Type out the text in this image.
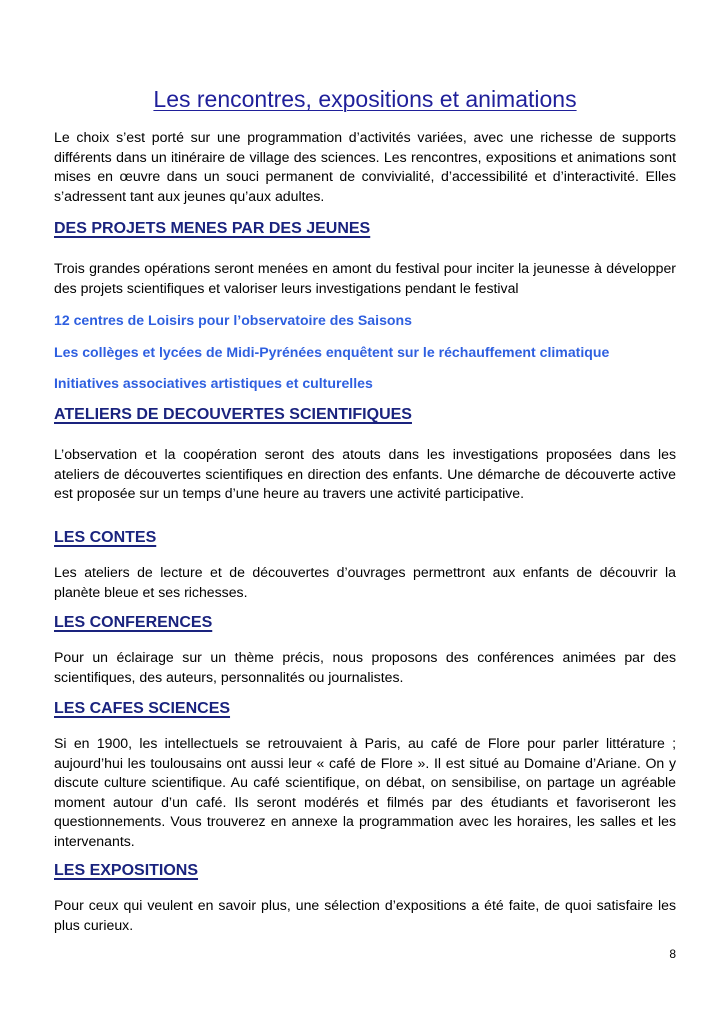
Les rencontres, expositions et animations

Le choix s’est porté sur une programmation d’activités variées, avec une richesse de supports différents dans un itinéraire de village des sciences. Les rencontres, expositions et animations sont mises en œuvre dans un souci permanent de convivialité, d’accessibilité et d’interactivité. Elles s’adressent tant aux jeunes qu’aux adultes.

DES PROJETS MENES PAR DES JEUNES

Trois grandes opérations seront menées en amont du festival pour inciter la jeunesse à développer des projets scientifiques et valoriser leurs investigations pendant le festival

12 centres de Loisirs pour l’observatoire des Saisons
Les collèges et lycées de Midi-Pyrénées enquêtent sur le réchauffement climatique
Initiatives associatives artistiques et culturelles
ATELIERS DE DECOUVERTES SCIENTIFIQUES

L’observation et la coopération seront des atouts dans les investigations proposées dans les ateliers de découvertes scientifiques en direction des enfants. Une démarche de découverte active est proposée sur un temps d’une heure au travers une activité participative.

LES CONTES

Les ateliers de lecture et de découvertes d’ouvrages permettront aux enfants de découvrir la planète bleue et ses richesses.

LES CONFERENCES

Pour un éclairage sur un thème précis, nous proposons des conférences animées par des scientifiques, des auteurs, personnalités ou journalistes.

LES CAFES SCIENCES

Si en 1900, les intellectuels se retrouvaient à Paris, au café de Flore pour parler littérature ; aujourd’hui les toulousains ont aussi leur « café de Flore ». Il est situé au Domaine d’Ariane. On y discute culture scientifique. Au café scientifique, on débat, on sensibilise, on partage un agréable moment autour d’un café. Ils seront modérés et filmés par des étudiants et favoriseront les questionnements. Vous trouverez en annexe la programmation avec les horaires, les salles et les intervenants.

LES EXPOSITIONS

Pour ceux qui veulent en savoir plus, une sélection d’expositions a été faite, de quoi satisfaire les plus curieux.

8
